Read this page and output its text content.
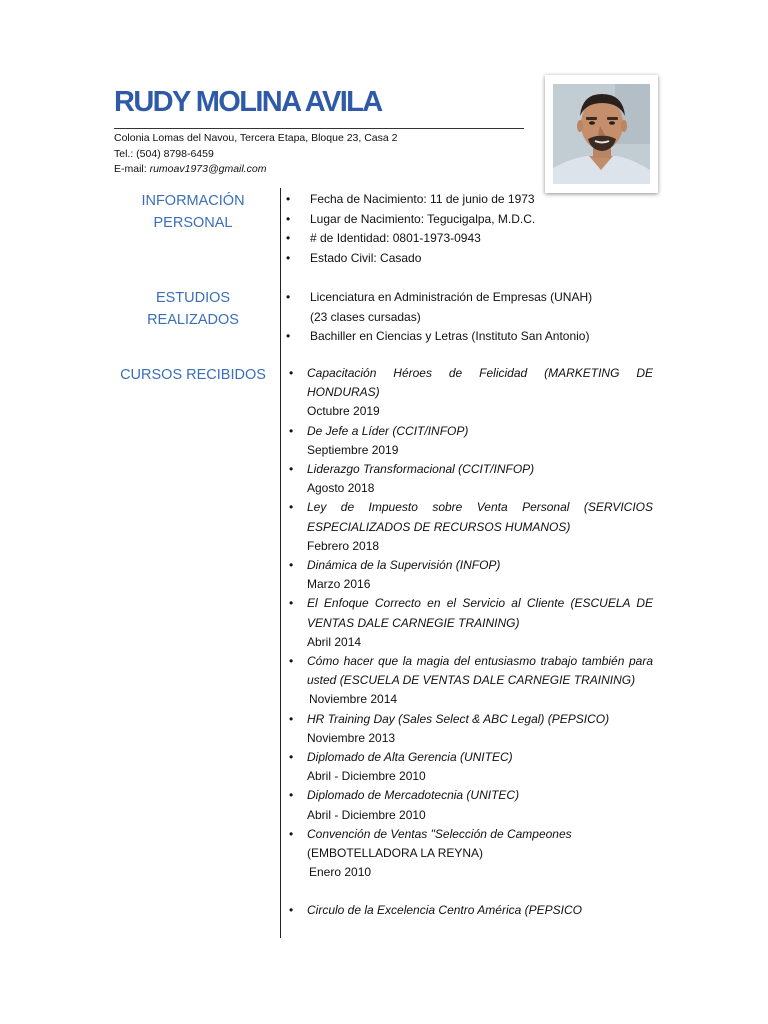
RUDY MOLINA AVILA
Colonia Lomas del Navou, Tercera Etapa, Bloque 23, Casa 2
Tel.: (504) 8798-6459
E-mail: rumoav1973@gmail.com
INFORMACIÓN
PERSONAL
• Fecha de Nacimiento: 11 de junio de 1973
• Lugar de Nacimiento: Tegucigalpa, M.D.C.
• # de Identidad: 0801-1973-0943
• Estado Civil: Casado
ESTUDIOS
REALIZADOS
• Licenciatura en Administración de Empresas (UNAH)
(23 clases cursadas)
• Bachiller en Ciencias y Letras (Instituto San Antonio)
CURSOS RECIBIDOS	• Capacitación Héroes de Felicidad (MARKETING DE HONDURAS)
Octubre 2019
• De Jefe a Líder (CCIT/INFOP)
Septiembre 2019
• Liderazgo Transformacional (CCIT/INFOP)
Agosto 2018
• Ley de Impuesto sobre Venta Personal (SERVICIOS ESPECIALIZADOS DE RECURSOS HUMANOS)
Febrero 2018
• Dinámica de la Supervisión (INFOP)
Marzo 2016
• El Enfoque Correcto en el Servicio al Cliente (ESCUELA DE VENTAS DALE CARNEGIE TRAINING)
Abril 2014
• Cómo hacer que la magia del entusiasmo trabajo también para usted (ESCUELA DE VENTAS DALE CARNEGIE TRAINING)
Noviembre 2014
• HR Training Day (Sales Select & ABC Legal) (PEPSICO)
Noviembre 2013
• Diplomado de Alta Gerencia (UNITEC)
Abril - Diciembre 2010
• Diplomado de Mercadotecnia (UNITEC)
Abril - Diciembre 2010
• Convención de Ventas "Selección de Campeones
(EMBOTELLADORA LA REYNA)
Enero 2010
• Circulo de la Excelencia Centro América (PEPSICO
